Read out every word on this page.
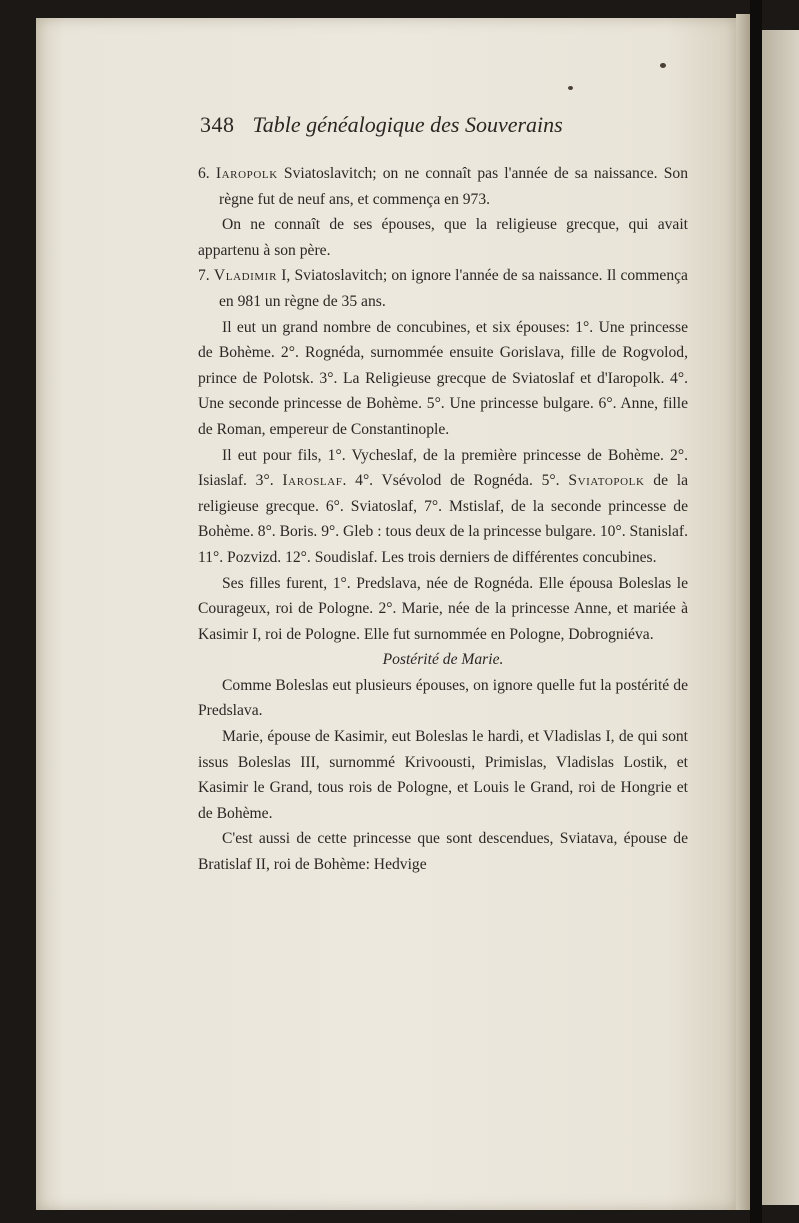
348 Table généalogique des Souverains

6. Iaropolk Sviatoslavitch; on ne connaît pas l'année de sa naissance. Son règne fut de neuf ans, et commença en 973.

On ne connaît de ses épouses, que la religieuse grecque, qui avait appartenu à son père.

7. Vladimir I, Sviatoslavitch; on ignore l'année de sa naissance. Il commença en 981 un règne de 35 ans.

Il eut un grand nombre de concubines, et six épouses: 1°. Une princesse de Bohème. 2°. Rognéda, surnommée ensuite Gorislava, fille de Rogvolod, prince de Polotsk. 3°. La Religieuse grecque de Sviatoslaf et d'Iaropolk. 4°. Une seconde princesse de Bohème. 5°. Une princesse bulgare. 6°. Anne, fille de Roman, empereur de Constantinople.

Il eut pour fils, 1°. Vycheslaf, de la première princesse de Bohème. 2°. Isiaslaf. 3°. Iaroslaf. 4°. Vsévolod de Rognéda. 5°. Sviatopolk de la religieuse grecque. 6°. Sviatoslaf, 7°. Mstislaf, de la seconde princesse de Bohème. 8°. Boris. 9°. Gleb : tous deux de la princesse bulgare. 10°. Stanislaf. 11°. Pozvizd. 12°. Soudislaf. Les trois derniers de différentes concubines.

Ses filles furent, 1°. Predslava, née de Rognéda. Elle épousa Boleslas le Courageux, roi de Pologne. 2°. Marie, née de la princesse Anne, et mariée à Kasimir I, roi de Pologne. Elle fut surnommée en Pologne, Dobrogniéva.

Postérité de Marie.

Comme Boleslas eut plusieurs épouses, on ignore quelle fut la postérité de Predslava.

Marie, épouse de Kasimir, eut Boleslas le hardi, et Vladislas I, de qui sont issus Boleslas III, surnommé Krivoousti, Primislas, Vladislas Lostik, et Kasimir le Grand, tous rois de Pologne, et Louis le Grand, roi de Hongrie et de Bohème.

C'est aussi de cette princesse que sont descendues, Sviatava, épouse de Bratislaf II, roi de Bohème: Hedvige
